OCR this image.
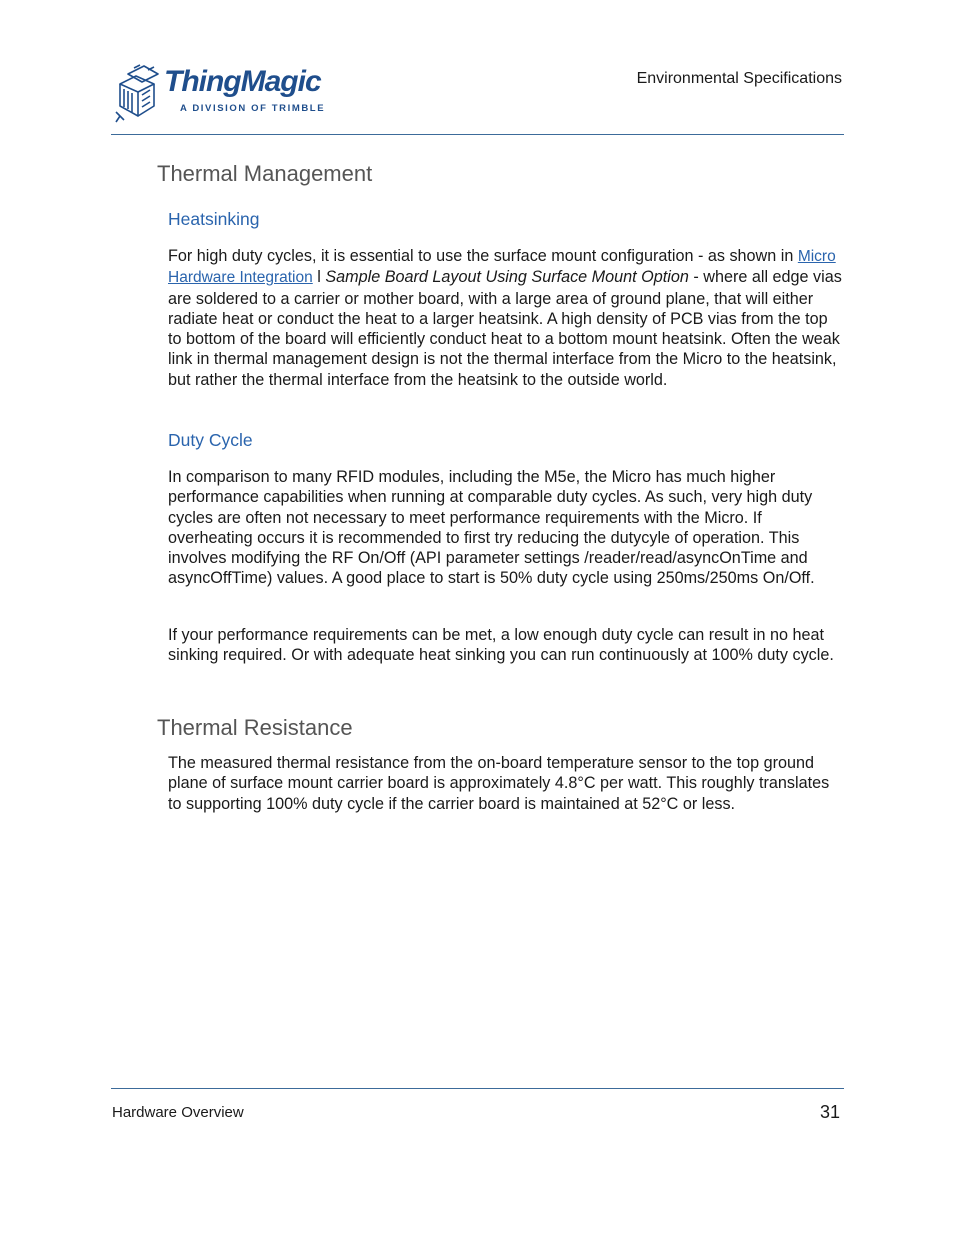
ThingMagic
A DIVISION OF TRIMBLE
Environmental Specifications
Thermal Management
Heatsinking

For high duty cycles, it is essential to use the surface mount configuration - as shown in Micro Hardware Integration l Sample Board Layout Using Surface Mount Option - where all edge vias are soldered to a carrier or mother board, with a large area of ground plane, that will either radiate heat or conduct the heat to a larger heatsink. A high density of PCB vias from the top to bottom of the board will efficiently conduct heat to a bottom mount heatsink. Often the weak link in thermal management design is not the thermal interface from the Micro to the heatsink, but rather the thermal interface from the heatsink to the outside world.

Duty Cycle

In comparison to many RFID modules, including the M5e, the Micro has much higher performance capabilities when running at comparable duty cycles. As such, very high duty cycles are often not necessary to meet performance requirements with the Micro. If overheating occurs it is recommended to first try reducing the dutycyle of operation. This involves modifying the RF On/Off (API parameter settings /reader/read/asyncOnTime and asyncOffTime) values. A good place to start is 50% duty cycle using 250ms/250ms On/Off.

If your performance requirements can be met, a low enough duty cycle can result in no heat sinking required. Or with adequate heat sinking you can run continuously at 100% duty cycle.

Thermal Resistance

The measured thermal resistance from the on-board temperature sensor to the top ground plane of surface mount carrier board is approximately 4.8°C per watt. This roughly translates to supporting 100% duty cycle if the carrier board is maintained at 52°C or less.

Hardware Overview	31
